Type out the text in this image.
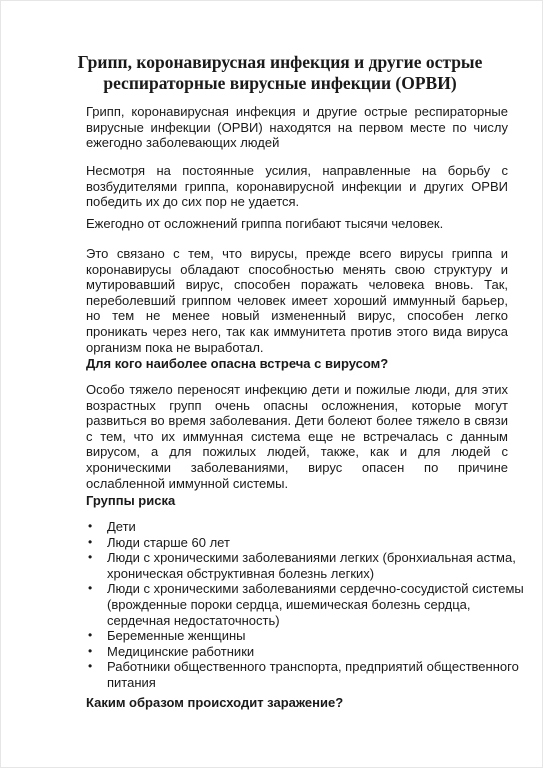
Грипп, коронавирусная инфекция и другие острые респираторные вирусные инфекции (ОРВИ)

Грипп, коронавирусная инфекция и другие острые респираторные вирусные инфекции (ОРВИ) находятся на первом месте по числу ежегодно заболевающих людей

Несмотря на постоянные усилия, направленные на борьбу с возбудителями гриппа, коронавирусной инфекции и других ОРВИ победить их до сих пор не удается.

Ежегодно от осложнений гриппа погибают тысячи человек.

Это связано с тем, что вирусы, прежде всего вирусы гриппа и коронавирусы обладают способностью менять свою структуру и мутировавший вирус, способен поражать человека вновь. Так, переболевший гриппом человек имеет хороший иммунный барьер, но тем не менее новый измененный вирус, способен легко проникать через него, так как иммунитета против этого вида вируса организм пока не выработал.

Для кого наиболее опасна встреча с вирусом?

Особо тяжело переносят инфекцию дети и пожилые люди, для этих возрастных групп очень опасны осложнения, которые могут развиться во время заболевания. Дети болеют более тяжело в связи с тем, что их иммунная система еще не встречалась с данным вирусом, а для пожилых людей, также, как и для людей с хроническими заболеваниями, вирус опасен по причине ослабленной иммунной системы.

Группы риска
• Дети
• Люди старше 60 лет
• Люди с хроническими заболеваниями легких (бронхиальная астма, хроническая обструктивная болезнь легких)
• Люди с хроническими заболеваниями сердечно-сосудистой системы (врожденные пороки сердца, ишемическая болезнь сердца, сердечная недостаточность)
• Беременные женщины
• Медицинские работники
• Работники общественного транспорта, предприятий общественного питания
Каким образом происходит заражение?
